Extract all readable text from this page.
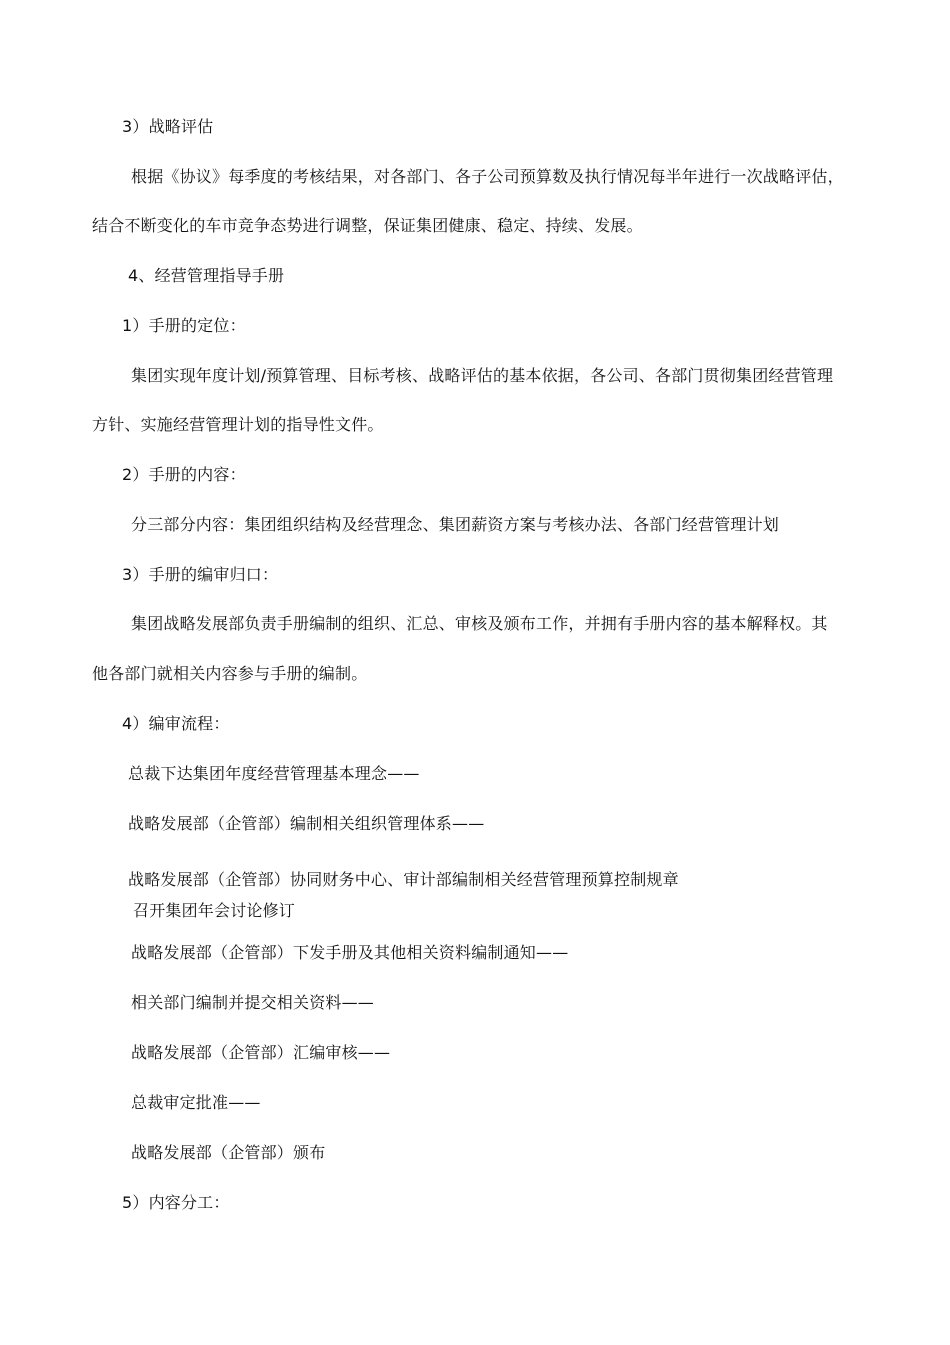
3）战略评估
根据《协议》每季度的考核结果，对各部门、各子公司预算数及执行情况每半年进行一次战略评估，
结合不断变化的车市竞争态势进行调整，保证集团健康、稳定、持续、发展。
4、经营管理指导手册
1）手册的定位：
集团实现年度计划/预算管理、目标考核、战略评估的基本依据，各公司、各部门贯彻集团经营管理
方针、实施经营管理计划的指导性文件。
2）手册的内容：
分三部分内容：集团组织结构及经营理念、集团薪资方案与考核办法、各部门经营管理计划
3）手册的编审归口：
集团战略发展部负责手册编制的组织、汇总、审核及颁布工作，并拥有手册内容的基本解释权。其
他各部门就相关内容参与手册的编制。
4）编审流程：
总裁下达集团年度经营管理基本理念——
战略发展部（企管部）编制相关组织管理体系——
战略发展部（企管部）协同财务中心、审计部编制相关经营管理预算控制规章
召开集团年会讨论修订
战略发展部（企管部）下发手册及其他相关资料编制通知——
相关部门编制并提交相关资料——
战略发展部（企管部）汇编审核——
总裁审定批准——
战略发展部（企管部）颁布
5）内容分工：
